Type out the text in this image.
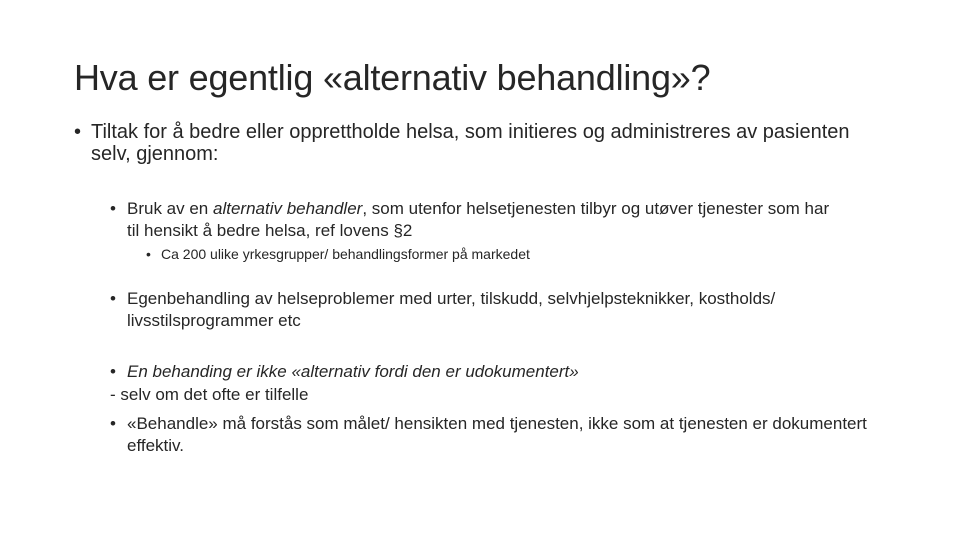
Hva er egentlig «alternativ behandling»?
• Tiltak for å bedre eller opprettholde helsa, som initieres og administreres av pasienten selv, gjennom:
• Bruk av en alternativ behandler, som utenfor helsetjenesten tilbyr og utøver tjenester som har til hensikt å bedre helsa, ref lovens §2
• Ca 200 ulike yrkesgrupper/ behandlingsformer på markedet
• Egenbehandling av helseproblemer med urter, tilskudd, selvhjelpsteknikker, kostholds/ livsstilsprogrammer etc
• En behanding er ikke «alternativ fordi den er udokumentert»
- selv om det ofte er tilfelle
• «Behandle» må forstås som målet/ hensikten med tjenesten, ikke som at tjenesten er dokumentert effektiv.
